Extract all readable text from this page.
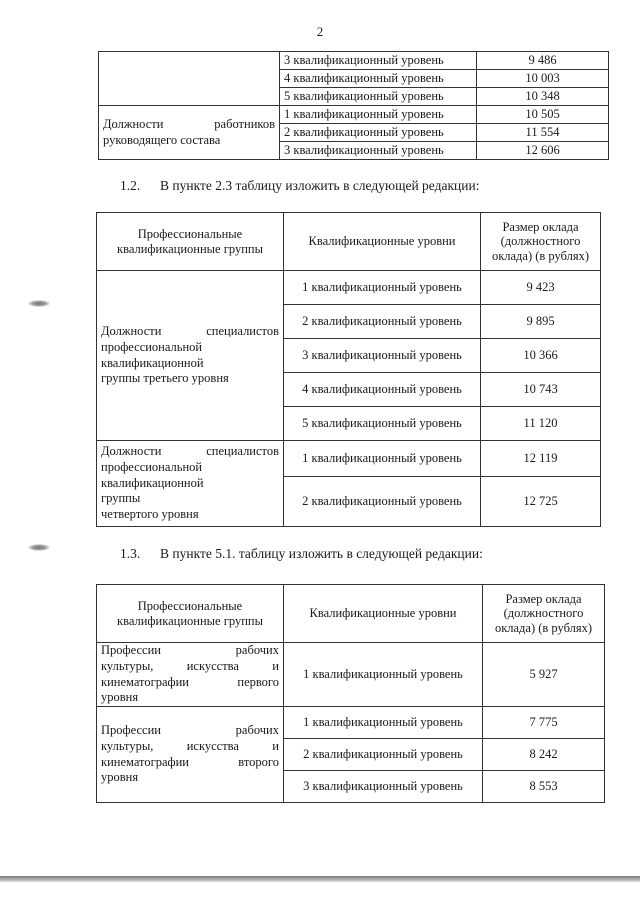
2
	3 квалификационный уровень	9 486
	4 квалификационный уровень	10 003
	5 квалификационный уровень	10 348

Должности работников
руководящего состава	1 квалификационный уровень	10 505
	2 квалификационный уровень	11 554
	3 квалификационный уровень	12 606
1.2. В пункте 2.3 таблицу изложить в следующей редакции:
Профессиональные квалификационные группы	Квалификационные уровни	Размер оклада (должностного оклада) (в рублях)

Должности специалистов
профессиональной
квалификационной
группы третьего уровня	1 квалификационный уровень	9 423
	2 квалификационный уровень	9 895
	3 квалификационный уровень	10 366
	4 квалификационный уровень	10 743
	5 квалификационный уровень	11 120

Должности специалистов
профессиональной
квалификационной
группы
четвертого уровня	1 квалификационный уровень	12 119
	2 квалификационный уровень	12 725
1.3. В пункте 5.1. таблицу изложить в следующей редакции:
Профессиональные квалификационные группы	Квалификационные уровни	Размер оклада (должностного оклада) (в рублях)

Профессии рабочих
культуры, искусства и
кинематографии первого
уровня	1 квалификационный уровень	5 927

Профессии рабочих
культуры, искусства и
кинематографии второго
уровня	1 квалификационный уровень	7 775
	2 квалификационный уровень	8 242
	3 квалификационный уровень	8 553
